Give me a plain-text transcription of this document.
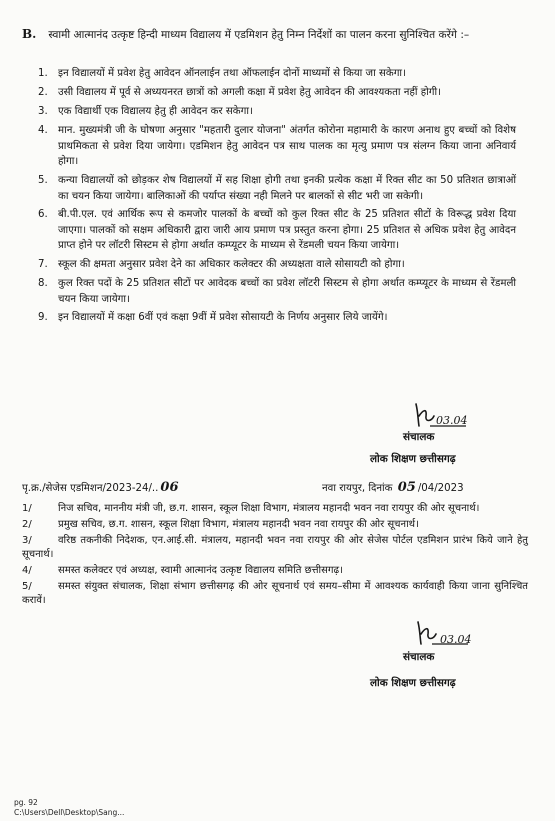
B. स्वामी आत्मानंद उत्कृष्ट हिन्दी माध्यम विद्यालय में एडमिशन हेतु निम्न निर्देशों का पालन करना सुनिश्चित करेंगे :–
1.	इन विद्यालयों में प्रवेश हेतु आवेदन ऑनलाईन तथा ऑफलाईन दोनों माध्यमों से किया जा सकेगा।
2.	उसी विद्यालय में पूर्व से अध्ययनरत छात्रों को अगली कक्षा में प्रवेश हेतु आवेदन की आवश्यकता नहीं होगी।
3.	एक विद्यार्थी एक विद्यालय हेतु ही आवेदन कर सकेगा।
4.	मान. मुख्यमंत्री जी के घोषणा अनुसार "महतारी दुलार योजना" अंतर्गत कोरोना महामारी के कारण अनाथ हुए बच्चों को विशेष प्राथमिकता से प्रवेश दिया जायेगा। एडमिशन हेतु आवेदन पत्र साथ पालक का मृत्यु प्रमाण पत्र संलग्न किया जाना अनिवार्य होगा।
5.	कन्या विद्यालयों को छोड़कर शेष विद्यालयों में सह शिक्षा होगी तथा इनकी प्रत्येक कक्षा में रिक्त सीट का 50 प्रतिशत छात्राओं का चयन किया जायेगा। बालिकाओं की पर्याप्त संख्या नही मिलने पर बालकों से सीट भरी जा सकेगी।
6.	बी.पी.एल. एवं आर्थिक रूप से कमजोर पालकों के बच्चों को कुल रिक्त सीट के 25 प्रतिशत सीटों के विरूद्ध प्रवेश दिया जाएगा। पालकों को सक्षम अधिकारी द्वारा जारी आय प्रमाण पत्र प्रस्तुत करना होगा। 25 प्रतिशत से अधिक प्रवेश हेतु आवेदन प्राप्त होने पर लॉटरी सिस्टम से होगा अर्थात कम्प्यूटर के माध्यम से रेंडमली चयन किया जायेगा।
7.	स्कूल की क्षमता अनुसार प्रवेश देने का अधिकार कलेक्टर की अध्यक्षता वाले सोसायटी को होगा।
8.	कुल रिक्त पदों के 25 प्रतिशत सीटों पर आवेदक बच्चों का प्रवेश लॉटरी सिस्टम से होगा अर्थात कम्प्यूटर के माध्यम से रेंडमली चयन किया जायेगा।
9.	इन विद्यालयों में कक्षा 6वीं एवं कक्षा 9वीं में प्रवेश सोसायटी के निर्णय अनुसार लिये जायेंगे।
03.04
संचालक
लोक शिक्षण छत्तीसगढ़
पृ.क्र./सेजेस एडमिशन/2023-24/.. 06	नवा रायपुर, दिनांक 05 /04/2023
1/	निज सचिव, माननीय मंत्री जी, छ.ग. शासन, स्कूल शिक्षा विभाग, मंत्रालय महानदी भवन नवा रायपुर की ओर सूचनार्थ।
2/	प्रमुख सचिव, छ.ग. शासन, स्कूल शिक्षा विभाग, मंत्रालय महानदी भवन नवा रायपुर की ओर सूचनार्थ।
3/	वरिष्ठ तकनीकी निदेशक, एन.आई.सी. मंत्रालय, महानदी भवन नवा रायपुर की ओर सेजेस पोर्टल एडमिशन प्रारंभ किये जाने हेतु सूचनार्थ।
4/	समस्त कलेक्टर एवं अध्यक्ष, स्वामी आत्मानंद उत्कृष्ट विद्यालय समिति छत्तीसगढ़।
5/	समस्त संयुक्त संचालक, शिक्षा संभाग छत्तीसगढ़ की ओर सूचनार्थ एवं समय–सीमा में आवश्यक कार्यवाही किया जाना सुनिश्चित करावें।
03.04
संचालक
लोक शिक्षण छत्तीसगढ़
pg. 92
C:\Users\Dell\Desktop\Sang...
